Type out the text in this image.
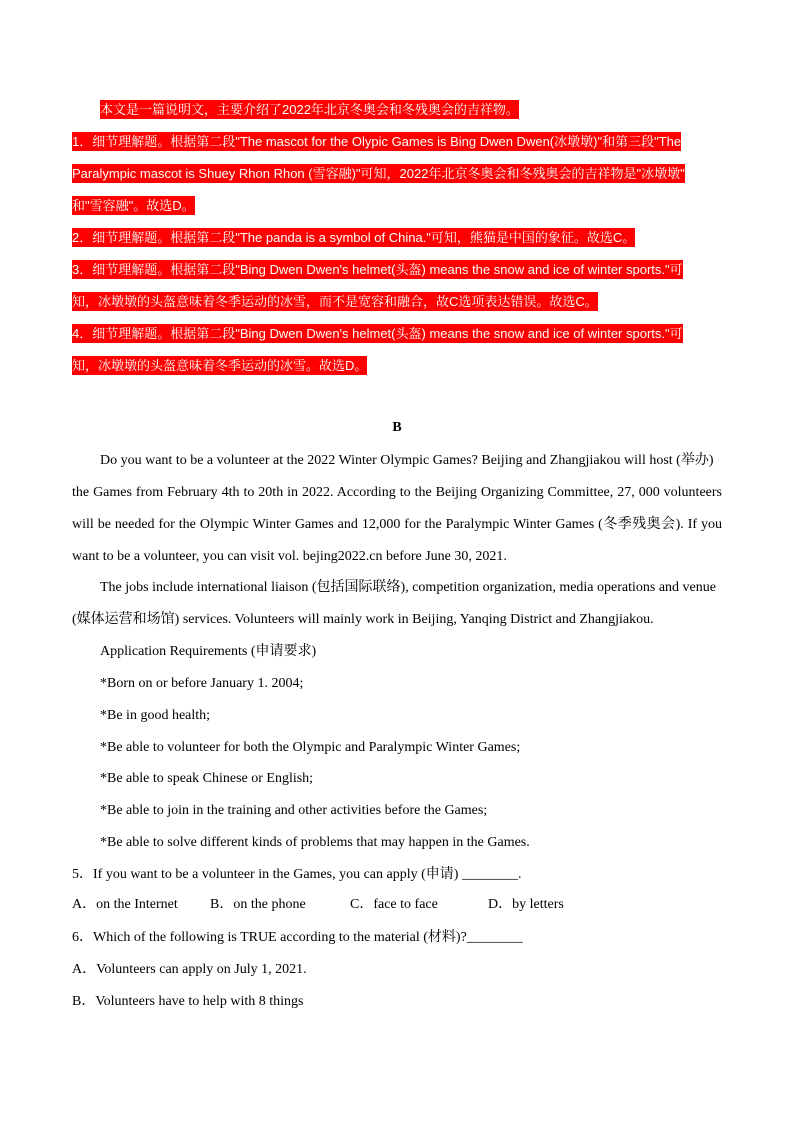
本文是一篇说明文，主要介绍了2022年北京冬奥会和冬残奥会的吉祥物。
1．细节理解题。根据第二段"The mascot for the Olypic Games is Bing Dwen Dwen(冰墩墩)"和第三段"The
Paralympic mascot is Shuey Rhon Rhon (雪容融)"可知，2022年北京冬奥会和冬残奥会的吉祥物是"冰墩墩"
和"雪容融"。故选D。
2．细节理解题。根据第二段"The panda is a symbol of China."可知，熊猫是中国的象征。故选C。
3．细节理解题。根据第二段"Bing Dwen Dwen's helmet(头盔) means the snow and ice of winter sports."可
知，冰墩墩的头盔意味着冬季运动的冰雪，而不是宽容和融合，故C选项表达错误。故选C。
4．细节理解题。根据第二段"Bing Dwen Dwen's helmet(头盔) means the snow and ice of winter sports."可
知，冰墩墩的头盔意味着冬季运动的冰雪。故选D。
B
Do you want to be a volunteer at the 2022 Winter Olympic Games? Beijing and Zhangjiakou will host (举办)
the Games from February 4th to 20th in 2022. According to the Beijing Organizing Committee, 27, 000 volunteers
will be needed for the Olympic Winter Games and 12,000 for the Paralympic Winter Games (冬季残奥会). If you
want to be a volunteer, you can visit vol. bejing2022.cn before June 30, 2021.
The jobs include international liaison (包括国际联络), competition organization, media operations and venue
(媒体运营和场馆) services. Volunteers will mainly work in Beijing, Yanqing District and Zhangjiakou.
Application Requirements (申请要求)
*Born on or before January 1. 2004;
*Be in good health;
*Be able to volunteer for both the Olympic and Paralympic Winter Games;
*Be able to speak Chinese or English;
*Be able to join in the training and other activities before the Games;
*Be able to solve different kinds of problems that may happen in the Games.
5．If you want to be a volunteer in the Games, you can apply (申请) ________.
A．on the Internet B．on the phone	C．face to face	D．by letters
6．Which of the following is TRUE according to the material (材料)?________
A．Volunteers can apply on July 1, 2021.
B．Volunteers have to help with 8 things
